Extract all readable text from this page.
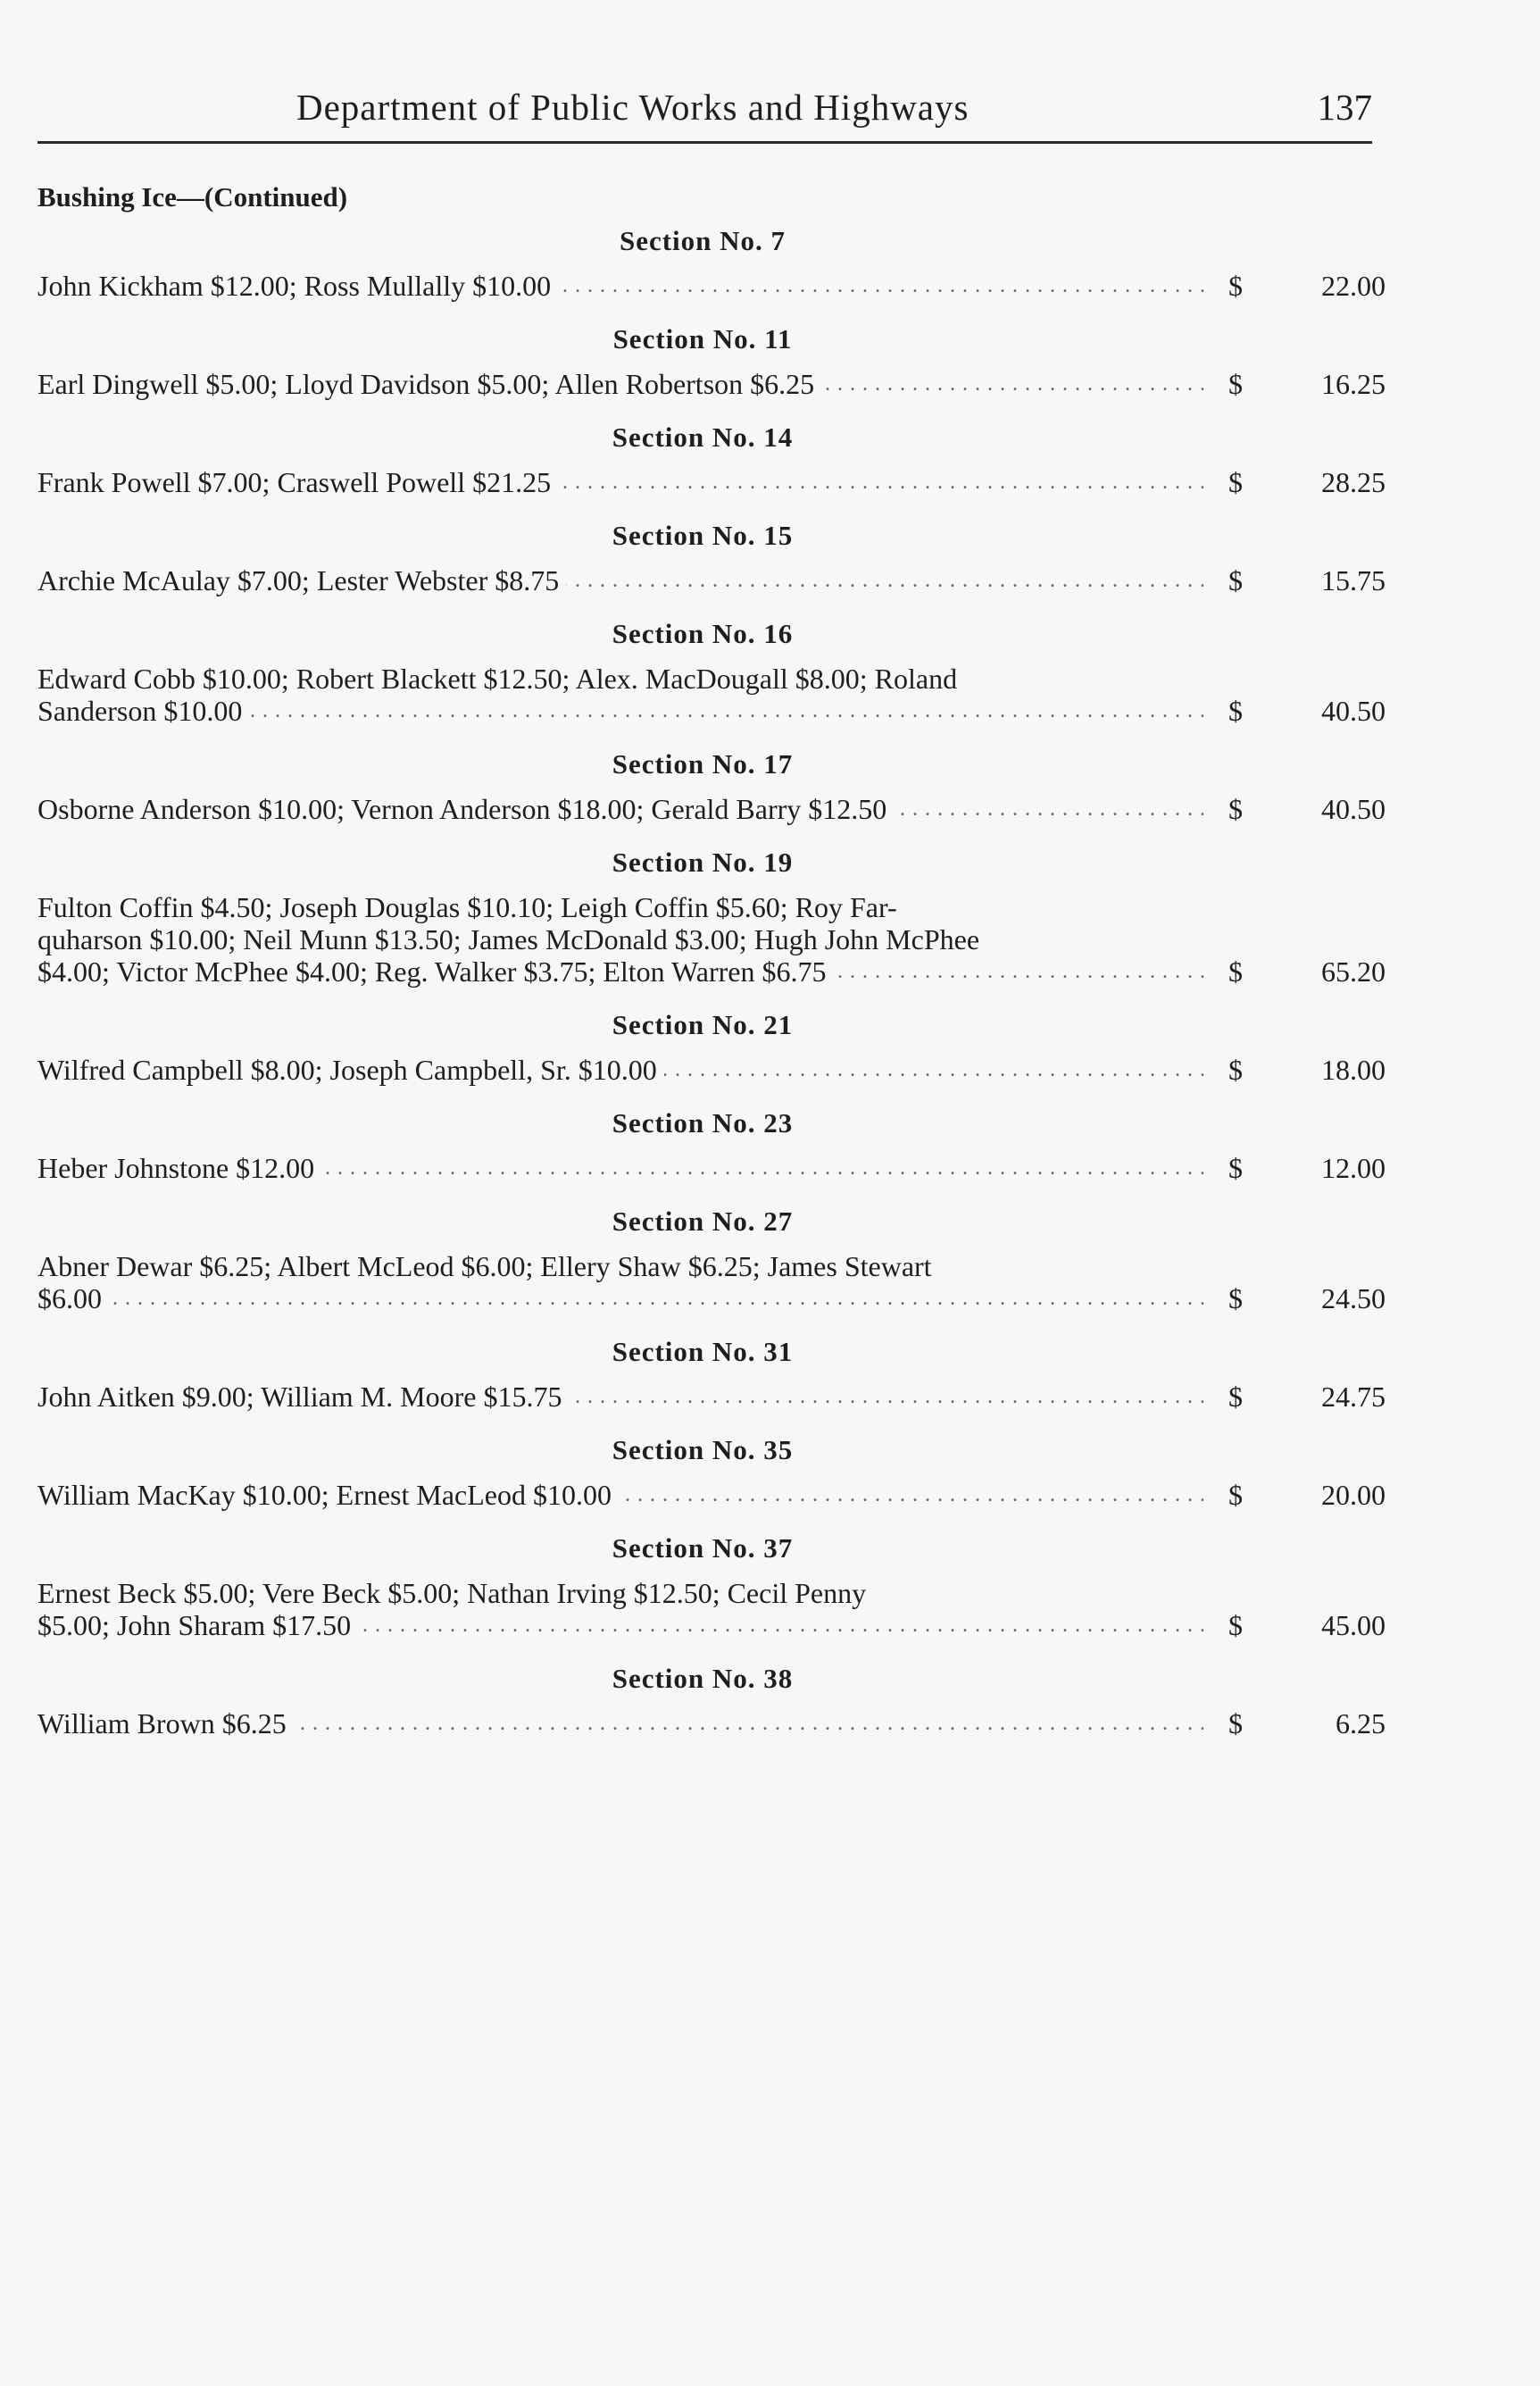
Department of Public Works and Highways	137
Bushing Ice—(Continued)
Section No. 7
John Kickham $12.00; Ross Mullally $10.00 . . .	$	22.00
Section No. 11
Earl Dingwell $5.00; Lloyd Davidson $5.00; Allen Robertson $6.25 . . .	$	16.25
Section No. 14
Frank Powell $7.00; Craswell Powell $21.25 . . .	$	28.25
Section No. 15
Archie McAulay $7.00; Lester Webster $8.75 . . .	$	15.75
Section No. 16
Edward Cobb $10.00; Robert Blackett $12.50; Alex. MacDougall $8.00; Roland
Sanderson $10.00 . . .	$	40.50
Section No. 17
Osborne Anderson $10.00; Vernon Anderson $18.00; Gerald Barry $12.50 . . .	$	40.50
Section No. 19
Fulton Coffin $4.50; Joseph Douglas $10.10; Leigh Coffin $5.60; Roy Far-
quharson $10.00; Neil Munn $13.50; James McDonald $3.00; Hugh John McPhee
$4.00; Victor McPhee $4.00; Reg. Walker $3.75; Elton Warren $6.75 . . .	$	65.20
Section No. 21
Wilfred Campbell $8.00; Joseph Campbell, Sr. $10.00 . . .	$	18.00
Section No. 23
Heber Johnstone $12.00 . . .	$	12.00
Section No. 27
Abner Dewar $6.25; Albert McLeod $6.00; Ellery Shaw $6.25; James Stewart
$6.00 . . .	$	24.50
Section No. 31
John Aitken $9.00; William M. Moore $15.75 . . .	$	24.75
Section No. 35
William MacKay $10.00; Ernest MacLeod $10.00 . . .	$	20.00
Section No. 37
Ernest Beck $5.00; Vere Beck $5.00; Nathan Irving $12.50; Cecil Penny
$5.00; John Sharam $17.50 . . .	$	45.00
Section No. 38
William Brown $6.25 . . .	$	6.25
